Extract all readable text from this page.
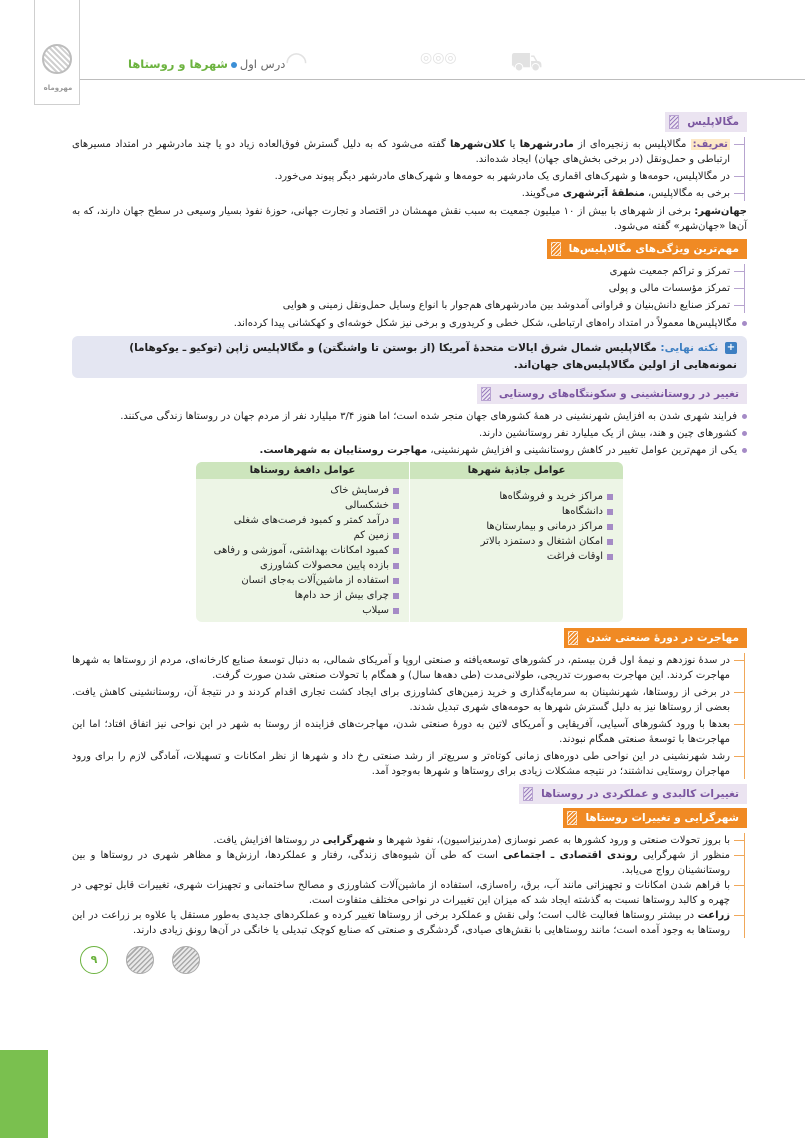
مهروماه
درس اولشهرها و روستاها	◠	◎◎◎ ⛟
مگالاپلیس
تعریف: مگالاپلیس به زنجیره‌ای از مادرشهرها یا کلان‌شهرها گفته می‌شود که به دلیل گسترش فوق‌العاده زیاد دو یا چند مادرشهر در امتداد مسیرهای ارتباطی و حمل‌ونقل (در برخی بخش‌های جهان) ایجاد شده‌اند.
در مگالاپلیس، حومه‌ها و شهرک‌های اقماری یک مادرشهر به حومه‌ها و شهرک‌های مادرشهر دیگر پیوند می‌خورد.
برخی به مگالاپلیس، منطقهٔ اَبَرشهری می‌گویند.
جهان‌شهر: برخی از شهرهای با بیش از ۱۰ میلیون جمعیت به سبب نقش مهمشان در اقتصاد و تجارت جهانی، حوزهٔ نفوذ بسیار وسیعی در سطح جهان دارند، که به آن‌ها «جهان‌شهر» گفته می‌شود.
مهم‌ترین ویژگی‌های مگالاپلیس‌ها
تمرکز و تراکم جمعیت شهری
تمرکز مؤسسات مالی و پولی
تمرکز صنایع دانش‌بنیان و فراوانی آمدوشد بین مادرشهرهای هم‌جوار با انواع وسایل حمل‌ونقل زمینی و هوایی
مگالاپلیس‌ها معمولاً در امتداد راه‌های ارتباطی، شکل خطی و کریدوری و برخی نیز شکل خوشه‌ای و کهکشانی پیدا کرده‌اند.
+ نکته نهایی: مگالاپلیس شمال شرق ایالات متحدهٔ آمریکا (از بوستن تا واشنگتن) و مگالاپلیس ژاپن (توکیو ـ یوکوهاما) نمونه‌هایی از اولین مگالاپلیس‌های جهان‌اند.
تغییر در روستانشینی و سکونتگاه‌های روستایی
فرایند شهری شدن به افزایش شهرنشینی در همهٔ کشورهای جهان منجر شده است؛ اما هنوز ۳/۴ میلیارد نفر از مردم جهان در روستاها زندگی می‌کنند.
کشورهای چین و هند، بیش از یک میلیارد نفر روستانشین دارند.
یکی از مهم‌ترین عوامل تغییر در کاهش روستانشینی و افزایش شهرنشینی، مهاجرت روستاییان به شهرهاست.
عوامل جاذبهٔ شهرها
عوامل دافعهٔ روستاها
مراکز خرید و فروشگاه‌ها
دانشگاه‌ها
مراکز درمانی و بیمارستان‌ها
امکان اشتغال و دستمزد بالاتر
اوقات فراغت
فرسایش خاک
خشکسالی
درآمد کمتر و کمبود فرصت‌های شغلی
زمین کم
کمبود امکانات بهداشتی، آموزشی و رفاهی
بازده پایین محصولات کشاورزی
استفاده از ماشین‌آلات به‌جای انسان
چرای بیش از حد دام‌ها
سیلاب
مهاجرت در دورهٔ صنعتی شدن
در سدهٔ نوزدهم و نیمهٔ اول قرن بیستم، در کشورهای توسعه‌یافته و صنعتی اروپا و آمریکای شمالی، به دنبال توسعهٔ صنایع کارخانه‌ای، مردم از روستاها به شهرها مهاجرت کردند. این مهاجرت به‌صورت تدریجی، طولانی‌مدت (طی دهه‌ها سال) و همگام با تحولات صنعتی شدن صورت گرفت.
در برخی از روستاها، شهرنشینان به سرمایه‌گذاری و خرید زمین‌های کشاورزی برای ایجاد کشت تجاری اقدام کردند و در نتیجهٔ آن، روستانشینی کاهش یافت. بعضی از روستاها نیز به دلیل گسترش شهرها به حومه‌های شهری تبدیل شدند.
بعدها با ورود کشورهای آسیایی، آفریقایی و آمریکای لاتین به دورهٔ صنعتی شدن، مهاجرت‌های فزاینده از روستا به شهر در این نواحی نیز اتفاق افتاد؛ اما این مهاجرت‌ها با توسعهٔ صنعتی همگام نبودند.
رشد شهرنشینی در این نواحی طی دوره‌های زمانی کوتاه‌تر و سریع‌تر از رشد صنعتی رخ داد و شهرها از نظر امکانات و تسهیلات، آمادگی لازم را برای ورود مهاجران روستایی نداشتند؛ در نتیجه مشکلات زیادی برای روستاها و شهرها به‌وجود آمد.
تغییرات کالبدی و عملکردی در روستاها
شهرگرایی و تغییرات روستاها
با بروز تحولات صنعتی و ورود کشورها به عصر نوسازی (مدرنیزاسیون)، نفوذ شهرها و شهرگرایی در روستاها افزایش یافت.
منظور از شهرگرایی روندی اقتصادی ـ اجتماعی است که طی آن شیوه‌های زندگی، رفتار و عملکردها، ارزش‌ها و مظاهر شهری در روستاها و بین روستانشینان رواج می‌یابد.
با فراهم شدن امکانات و تجهیزاتی مانند آب، برق، راه‌سازی، استفاده از ماشین‌آلات کشاورزی و مصالح ساختمانی و تجهیزات شهری، تغییرات قابل توجهی در چهره و کالبد روستاها نسبت به گذشته ایجاد شد که میزان این تغییرات در نواحی مختلف متفاوت است.
زراعت در بیشتر روستاها فعالیت غالب است؛ ولی نقش و عملکرد برخی از روستاها تغییر کرده و عملکردهای جدیدی به‌طور مستقل یا علاوه بر زراعت در این روستاها به وجود آمده است؛ مانند روستاهایی با نقش‌های صیادی، گردشگری و صنعتی که صنایع کوچک تبدیلی یا خانگی در آن‌ها رونق زیادی دارند.
۹
